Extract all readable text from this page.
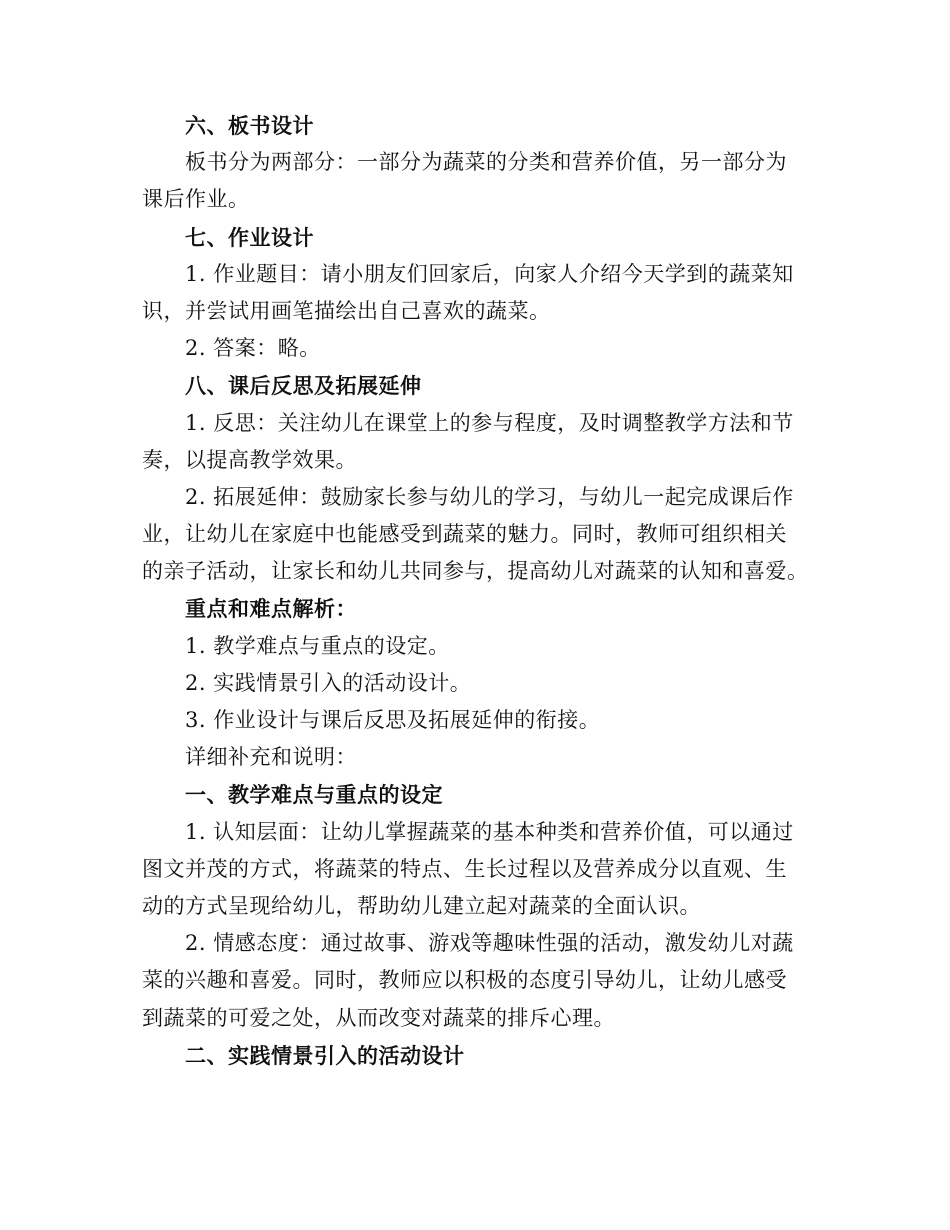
六、板书设计
板书分为两部分：一部分为蔬菜的分类和营养价值，另一部分为
课后作业。
七、作业设计
1. 作业题目：请小朋友们回家后，向家人介绍今天学到的蔬菜知
识，并尝试用画笔描绘出自己喜欢的蔬菜。
2. 答案：略。
八、课后反思及拓展延伸
1. 反思：关注幼儿在课堂上的参与程度，及时调整教学方法和节
奏，以提高教学效果。
2. 拓展延伸：鼓励家长参与幼儿的学习，与幼儿一起完成课后作
业，让幼儿在家庭中也能感受到蔬菜的魅力。同时，教师可组织相关
的亲子活动，让家长和幼儿共同参与，提高幼儿对蔬菜的认知和喜爱。
重点和难点解析：
1. 教学难点与重点的设定。
2. 实践情景引入的活动设计。
3. 作业设计与课后反思及拓展延伸的衔接。
详细补充和说明：
一、教学难点与重点的设定
1. 认知层面：让幼儿掌握蔬菜的基本种类和营养价值，可以通过
图文并茂的方式，将蔬菜的特点、生长过程以及营养成分以直观、生
动的方式呈现给幼儿，帮助幼儿建立起对蔬菜的全面认识。
2. 情感态度：通过故事、游戏等趣味性强的活动，激发幼儿对蔬
菜的兴趣和喜爱。同时，教师应以积极的态度引导幼儿，让幼儿感受
到蔬菜的可爱之处，从而改变对蔬菜的排斥心理。
二、实践情景引入的活动设计
